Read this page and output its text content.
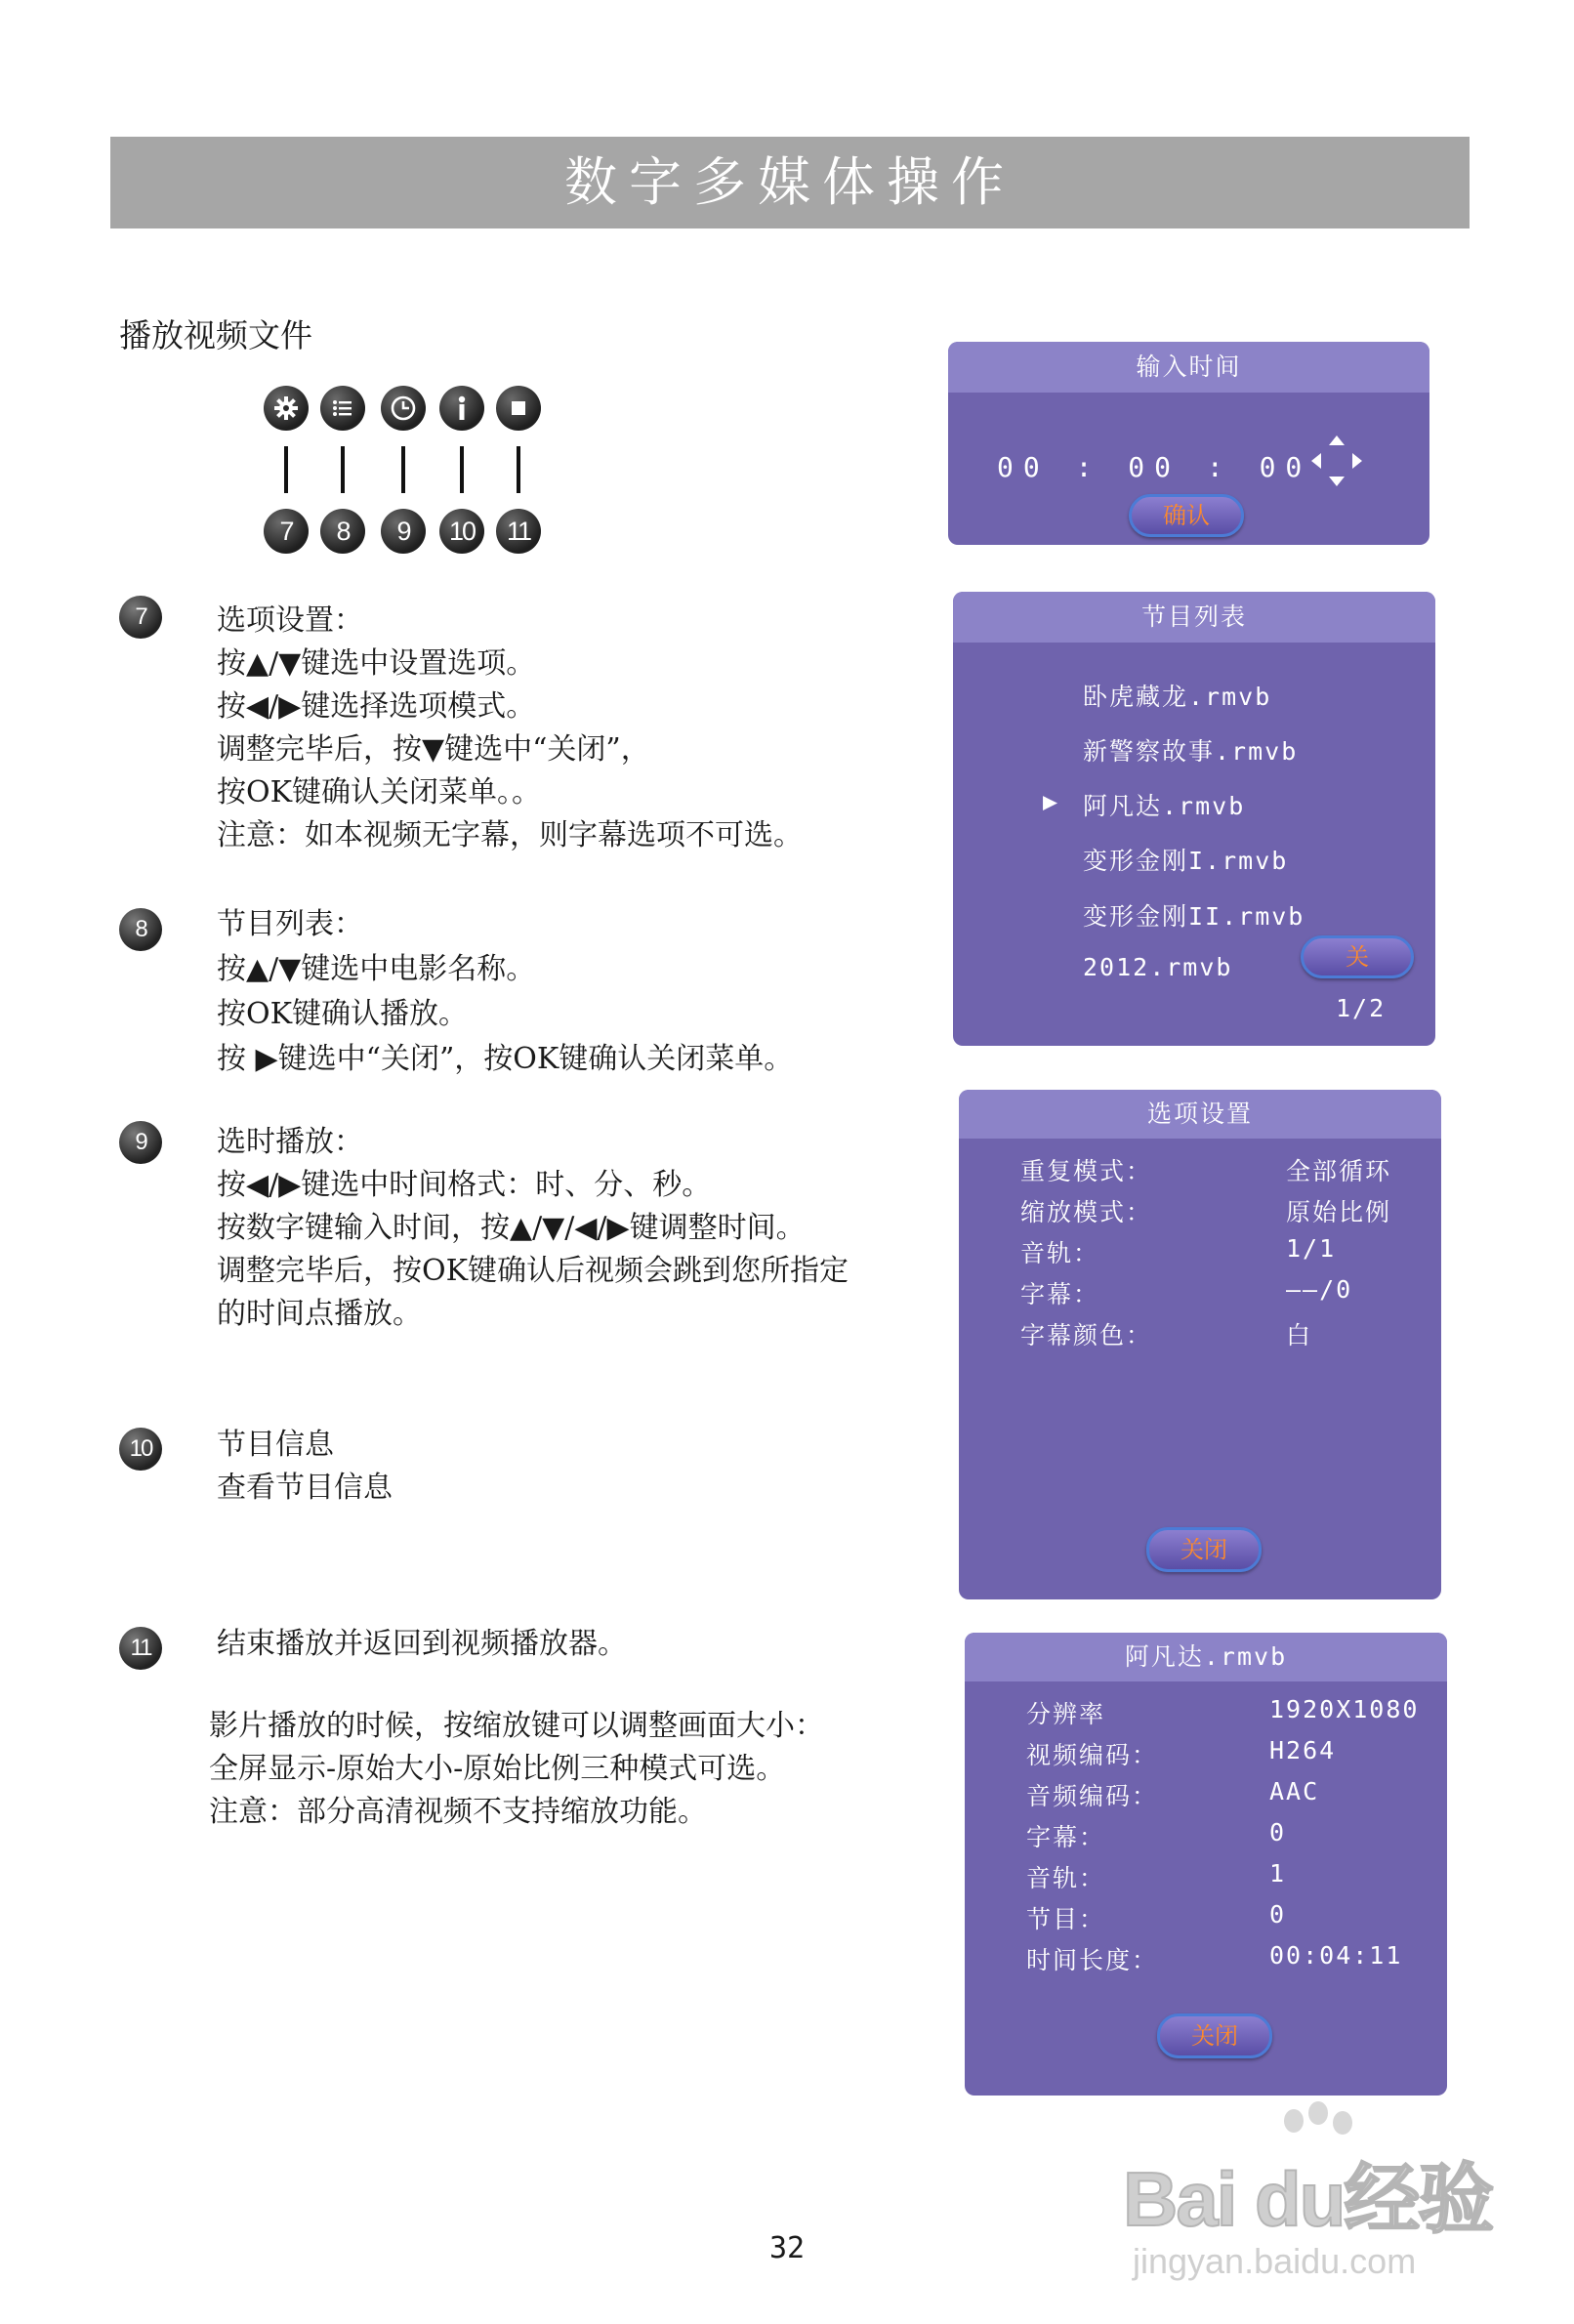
数字多媒体操作
播放视频文件
7	8	9	10	11
7	选项设置：
按▲/▼键选中设置选项。
按◀/▶键选择选项模式。
调整完毕后，按▼键选中“关闭”，
按OK键确认关闭菜单。。
注意：如本视频无字幕，则字幕选项不可选。
8	节目列表：
按▲/▼键选中电影名称。
按OK键确认播放。
按 ▶键选中“关闭”，按OK键确认关闭菜单。
9	选时播放：
按◀/▶键选中时间格式：时、分、秒。
按数字键输入时间，按▲/▼/◀/▶键调整时间。
调整完毕后，按OK键确认后视频会跳到您所指定
的时间点播放。
10	节目信息
查看节目信息
11	结束播放并返回到视频播放器。
影片播放的时候，按缩放键可以调整画面大小：
全屏显示-原始大小-原始比例三种模式可选。
注意：部分高清视频不支持缩放功能。
输入时间
00 : 00 : 00
确认
节目列表
卧虎藏龙.rmvb
新警察故事.rmvb
▶ 阿凡达.rmvb
变形金刚I.rmvb
变形金刚II.rmvb
2012.rmvb	关
1/2
选项设置
重复模式：	全部循环
缩放模式：	原始比例
音轨：	1/1
字幕：	——/0
字幕颜色：	白
关闭
阿凡达.rmvb
分辨率	1920X1080
视频编码：	H264
音频编码：	AAC
字幕：	0
音轨：	1
节目：	0
时间长度：	00:04:11
关闭
32
Bai du经验
jingyan.baidu.com
